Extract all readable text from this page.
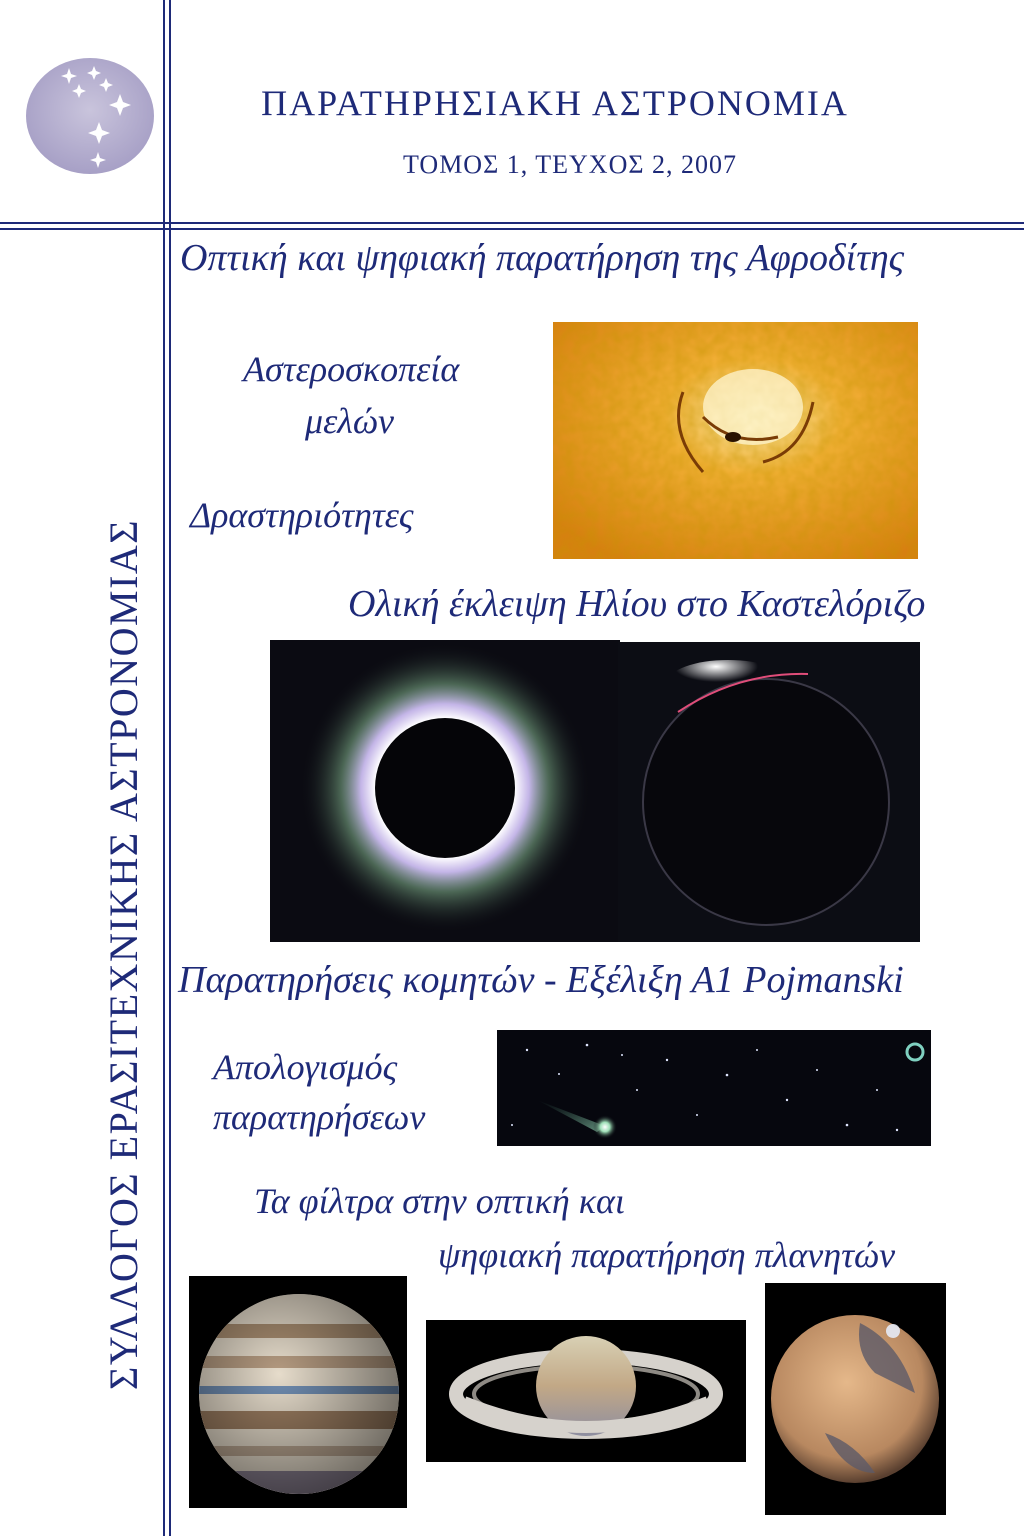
ΠΑΡΑΤΗΡΗΣΙΑΚΗ ΑΣΤΡΟΝΟΜΙΑ
ΤΟΜΟΣ 1, ΤΕΥΧΟΣ 2, 2007
ΣΥΛΛΟΓΟΣ ΕΡΑΣΙΤΕΧΝΙΚΗΣ ΑΣΤΡΟΝΟΜΙΑΣ
Οπτική και ψηφιακή παρατήρηση της Αφροδίτης
Αστεροσκοπεία
μελών
Δραστηριότητες
Ολική έκλειψη Ηλίου στο Καστελόριζο
Παρατηρήσεις κομητών - Εξέλιξη Α1 Pojmanski
Απολογισμός
παρατηρήσεων
Τα φίλτρα στην οπτική και
ψηφιακή παρατήρηση πλανητών
